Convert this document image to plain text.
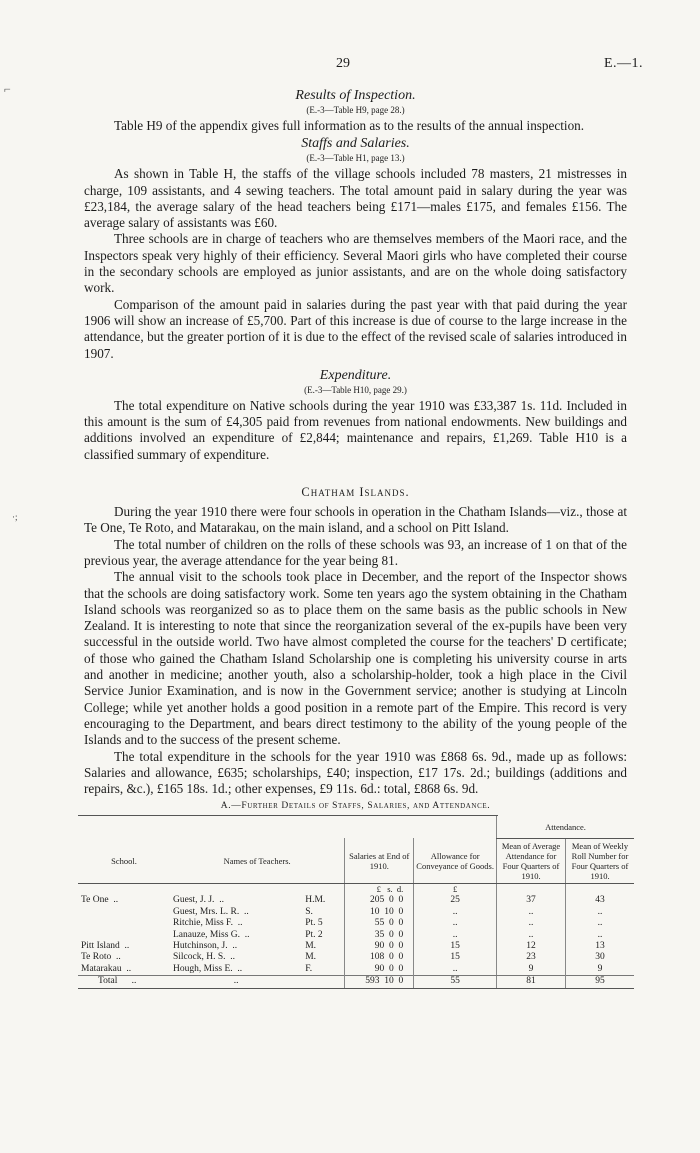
29	E.—1.
⌐
·;

Results of Inspection.

(E.-3—Table H9, page 28.)

Table H9 of the appendix gives full information as to the results of the annual inspection.

Staffs and Salaries.

(E.-3—Table H1, page 13.)

As shown in Table H, the staffs of the village schools included 78 masters, 21 mistresses in charge, 109 assistants, and 4 sewing teachers. The total amount paid in salary during the year was £23,184, the average salary of the head teachers being £171—males £175, and females £156. The average salary of assistants was £60.

Three schools are in charge of teachers who are themselves members of the Maori race, and the Inspectors speak very highly of their efficiency. Several Maori girls who have completed their course in the secondary schools are employed as junior assistants, and are on the whole doing satisfactory work.

Comparison of the amount paid in salaries during the past year with that paid during the year 1906 will show an increase of £5,700. Part of this increase is due of course to the large increase in the attendance, but the greater portion of it is due to the effect of the revised scale of salaries introduced in 1907.

Expenditure.

(E.-3—Table H10, page 29.)

The total expenditure on Native schools during the year 1910 was £33,387 1s. 11d. Included in this amount is the sum of £4,305 paid from revenues from national endowments. New buildings and additions involved an expenditure of £2,844; maintenance and repairs, £1,269. Table H10 is a classified summary of expenditure.

Chatham Islands.

During the year 1910 there were four schools in operation in the Chatham Islands—viz., those at Te One, Te Roto, and Matarakau, on the main island, and a school on Pitt Island.

The total number of children on the rolls of these schools was 93, an increase of 1 on that of the previous year, the average attendance for the year being 81.

The annual visit to the schools took place in December, and the report of the Inspector shows that the schools are doing satisfactory work. Some ten years ago the system obtaining in the Chatham Island schools was reorganized so as to place them on the same basis as the public schools in New Zealand. It is interesting to note that since the reorganization several of the ex-pupils have been very successful in the outside world. Two have almost completed the course for the teachers' D certificate; of those who gained the Chatham Island Scholarship one is completing his university course in arts and another in medicine; another youth, also a scholarship-holder, took a high place in the Civil Service Junior Examination, and is now in the Government service; another is studying at Lincoln College; while yet another holds a good position in a remote part of the Empire. This record is very encouraging to the Department, and bears direct testimony to the ability of the young people of the Islands and to the success of the present scheme.

The total expenditure in the schools for the year 1910 was £868 6s. 9d., made up as follows: Salaries and allowance, £635; scholarships, £40; inspection, £17 17s. 2d.; buildings (additions and repairs, &c.), £165 18s. 1d.; other expenses, £9 11s. 6d.: total, £868 6s. 9d.

A.—Further Details of Staffs, Salaries, and Attendance.
					Attendance.	
School.	Names of Teachers.		Salaries at End of 1910.	Allowance for Conveyance of Goods.	Mean of Average Attendance for Four Quarters of 1910.	Mean of Weekly Roll Number for Four Quarters of 1910.
			£ s. d.	£		
Te One ..	Guest, J. J. ..	H.M.	205 0 0	25	37	43
	Guest, Mrs. L. R. ..	S.	10 10 0	..	..	..
	Ritchie, Miss F. ..	Pt. 5	55 0 0	..	..	..
	Lanauze, Miss G. ..	Pt. 2	35 0 0	..	..	..
Pitt Island ..	Hutchinson, J. ..	M.	90 0 0	15	12	13
Te Roto ..	Silcock, H. S. ..	M.	108 0 0	15	23	30
Matarakau ..	Hough, Miss E. ..	F.	90 0 0	..	9	9
Total ..	..		593 10 0	55	81	95
